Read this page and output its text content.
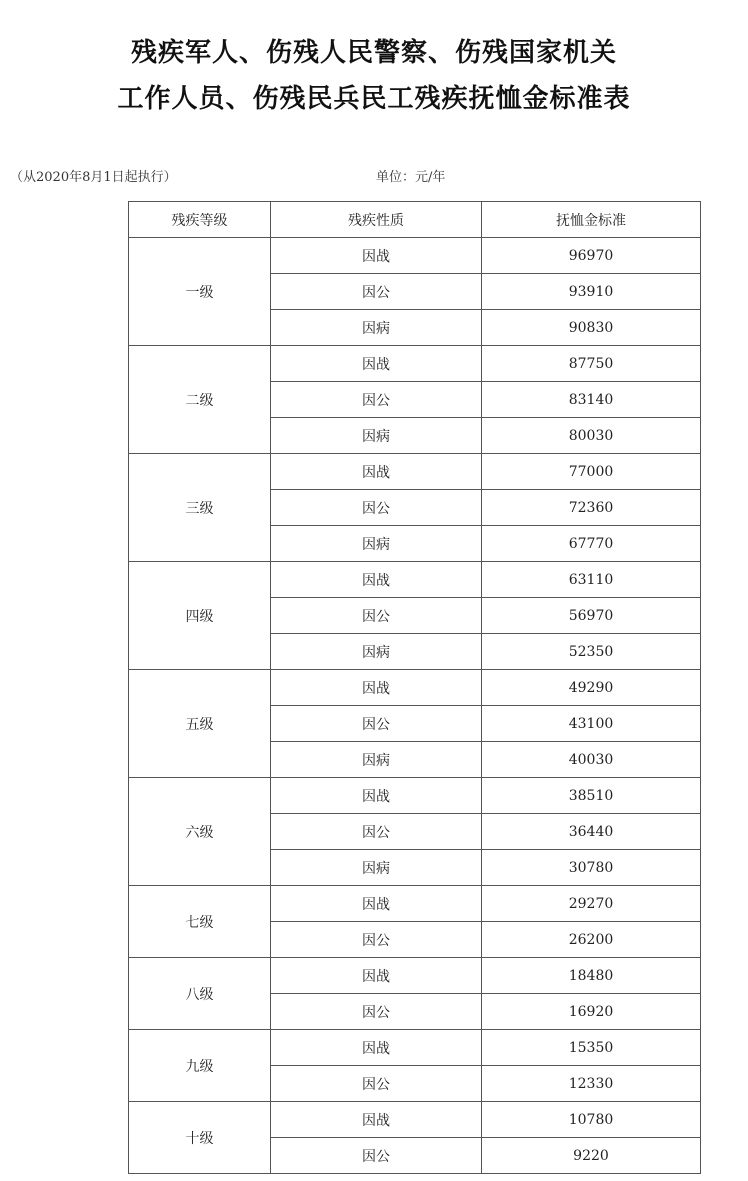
残疾军人、伤残人民警察、伤残国家机关
工作人员、伤残民兵民工残疾抚恤金标准表
（从2020年8月1日起执行）	单位：元/年
残疾等级	残疾性质	抚恤金标准
一级	因战	96970
	因公	93910
	因病	90830
二级	因战	87750
	因公	83140
	因病	80030
三级	因战	77000
	因公	72360
	因病	67770
四级	因战	63110
	因公	56970
	因病	52350
五级	因战	49290
	因公	43100
	因病	40030
六级	因战	38510
	因公	36440
	因病	30780
七级	因战	29270
	因公	26200
八级	因战	18480
	因公	16920
九级	因战	15350
	因公	12330
十级	因战	10780
	因公	9220
